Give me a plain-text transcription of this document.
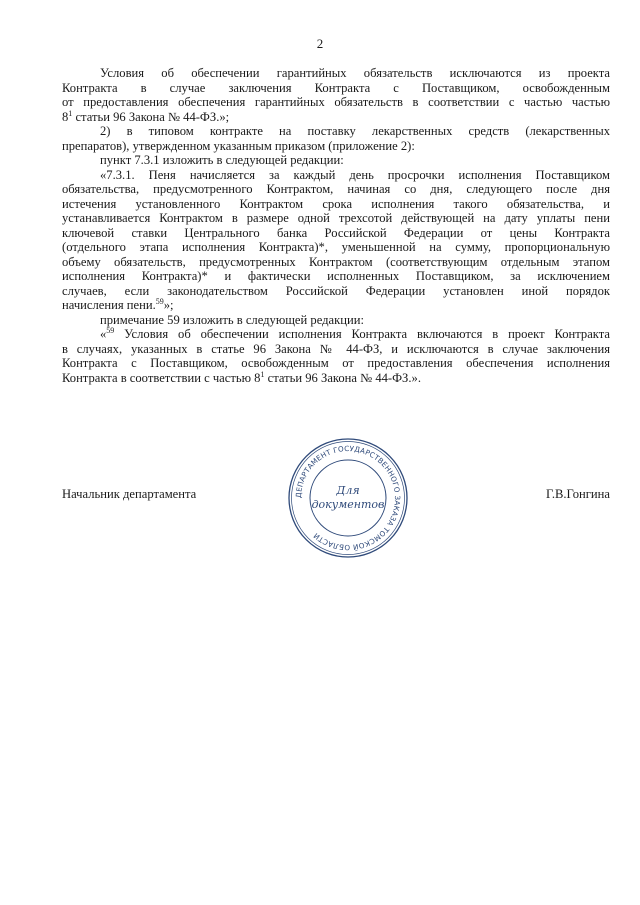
2

Условия об обеспечении гарантийных обязательств исключаются из проекта
Контракта в случае заключения Контракта с Поставщиком, освобожденным
от предоставления обеспечения гарантийных обязательств в соответствии с частью частью
$8^1$ статьи 96 Закона № 44-ФЗ.»;

2) в типовом контракте на поставку лекарственных средств (лекарственных
препаратов), утвержденном указанным приказом (приложение 2):

пункт 7.3.1 изложить в следующей редакции:

«7.3.1. Пеня начисляется за каждый день просрочки исполнения Поставщиком
обязательства, предусмотренного Контрактом, начиная со дня, следующего после дня
истечения установленного Контрактом срока исполнения такого обязательства, и
устанавливается Контрактом в размере одной трехсотой действующей на дату уплаты пени
ключевой ставки Центрального банка Российской Федерации от цены Контракта
(отдельного этапа исполнения Контракта)*, уменьшенной на сумму, пропорциональную
объему обязательств, предусмотренных Контрактом (соответствующим отдельным этапом
исполнения Контракта)* и фактически исполненных Поставщиком, за исключением
случаев, если законодательством Российской Федерации установлен иной порядок
начисления пени.$^{59}$»;

примечание 59 изложить в следующей редакции:

«$^{59}$ Условия об обеспечении исполнения Контракта включаются в проект Контракта
в случаях, указанных в статье 96 Закона № 44-ФЗ, и исключаются в случае заключения
Контракта с Поставщиком, освобожденным от предоставления обеспечения исполнения
Контракта в соответствии с частью $8^1$ статьи 96 Закона № 44-ФЗ.».

Начальник департамента	Г.В.Гонгина
ДЕПАРТАМЕНТ ГОСУДАРСТВЕННОГО ЗАКАЗА ТОМСКОЙ ОБЛАСТИ
Для
документов
